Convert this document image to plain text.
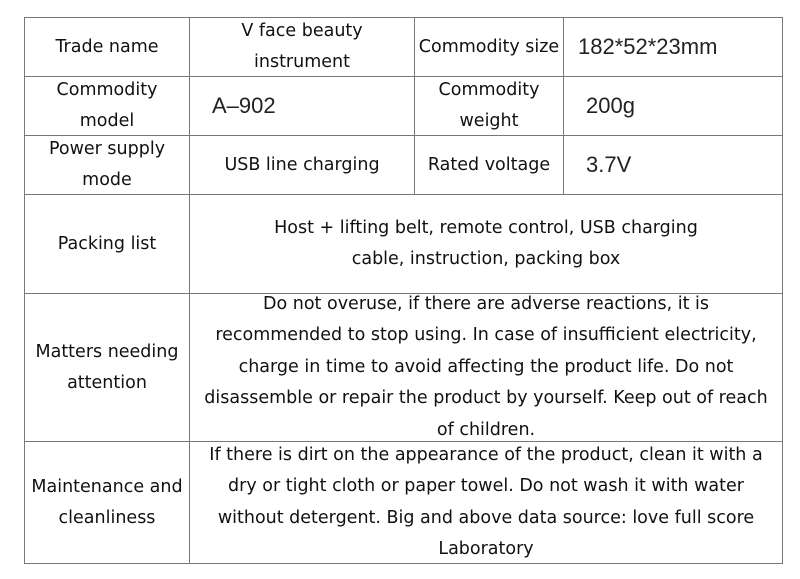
Trade name
V face beauty instrument
Commodity size 182*52*23mm
Commodity model
A–902
Commodity weight
200g
Power supply mode
USB line charging	Rated voltage 3.7V
Packing list
Host + lifting belt, remote control, USB charging cable, instruction, packing box
Matters needing attention
Do not overuse, if there are adverse reactions, it is recommended to stop using. In case of insufficient electricity, charge in time to avoid affecting the product life. Do not disassemble or repair the product by yourself. Keep out of reach of children.
Maintenance and cleanliness
If there is dirt on the appearance of the product, clean it with a dry or tight cloth or paper towel. Do not wash it with water without detergent. Big and above data source: love full score Laboratory
